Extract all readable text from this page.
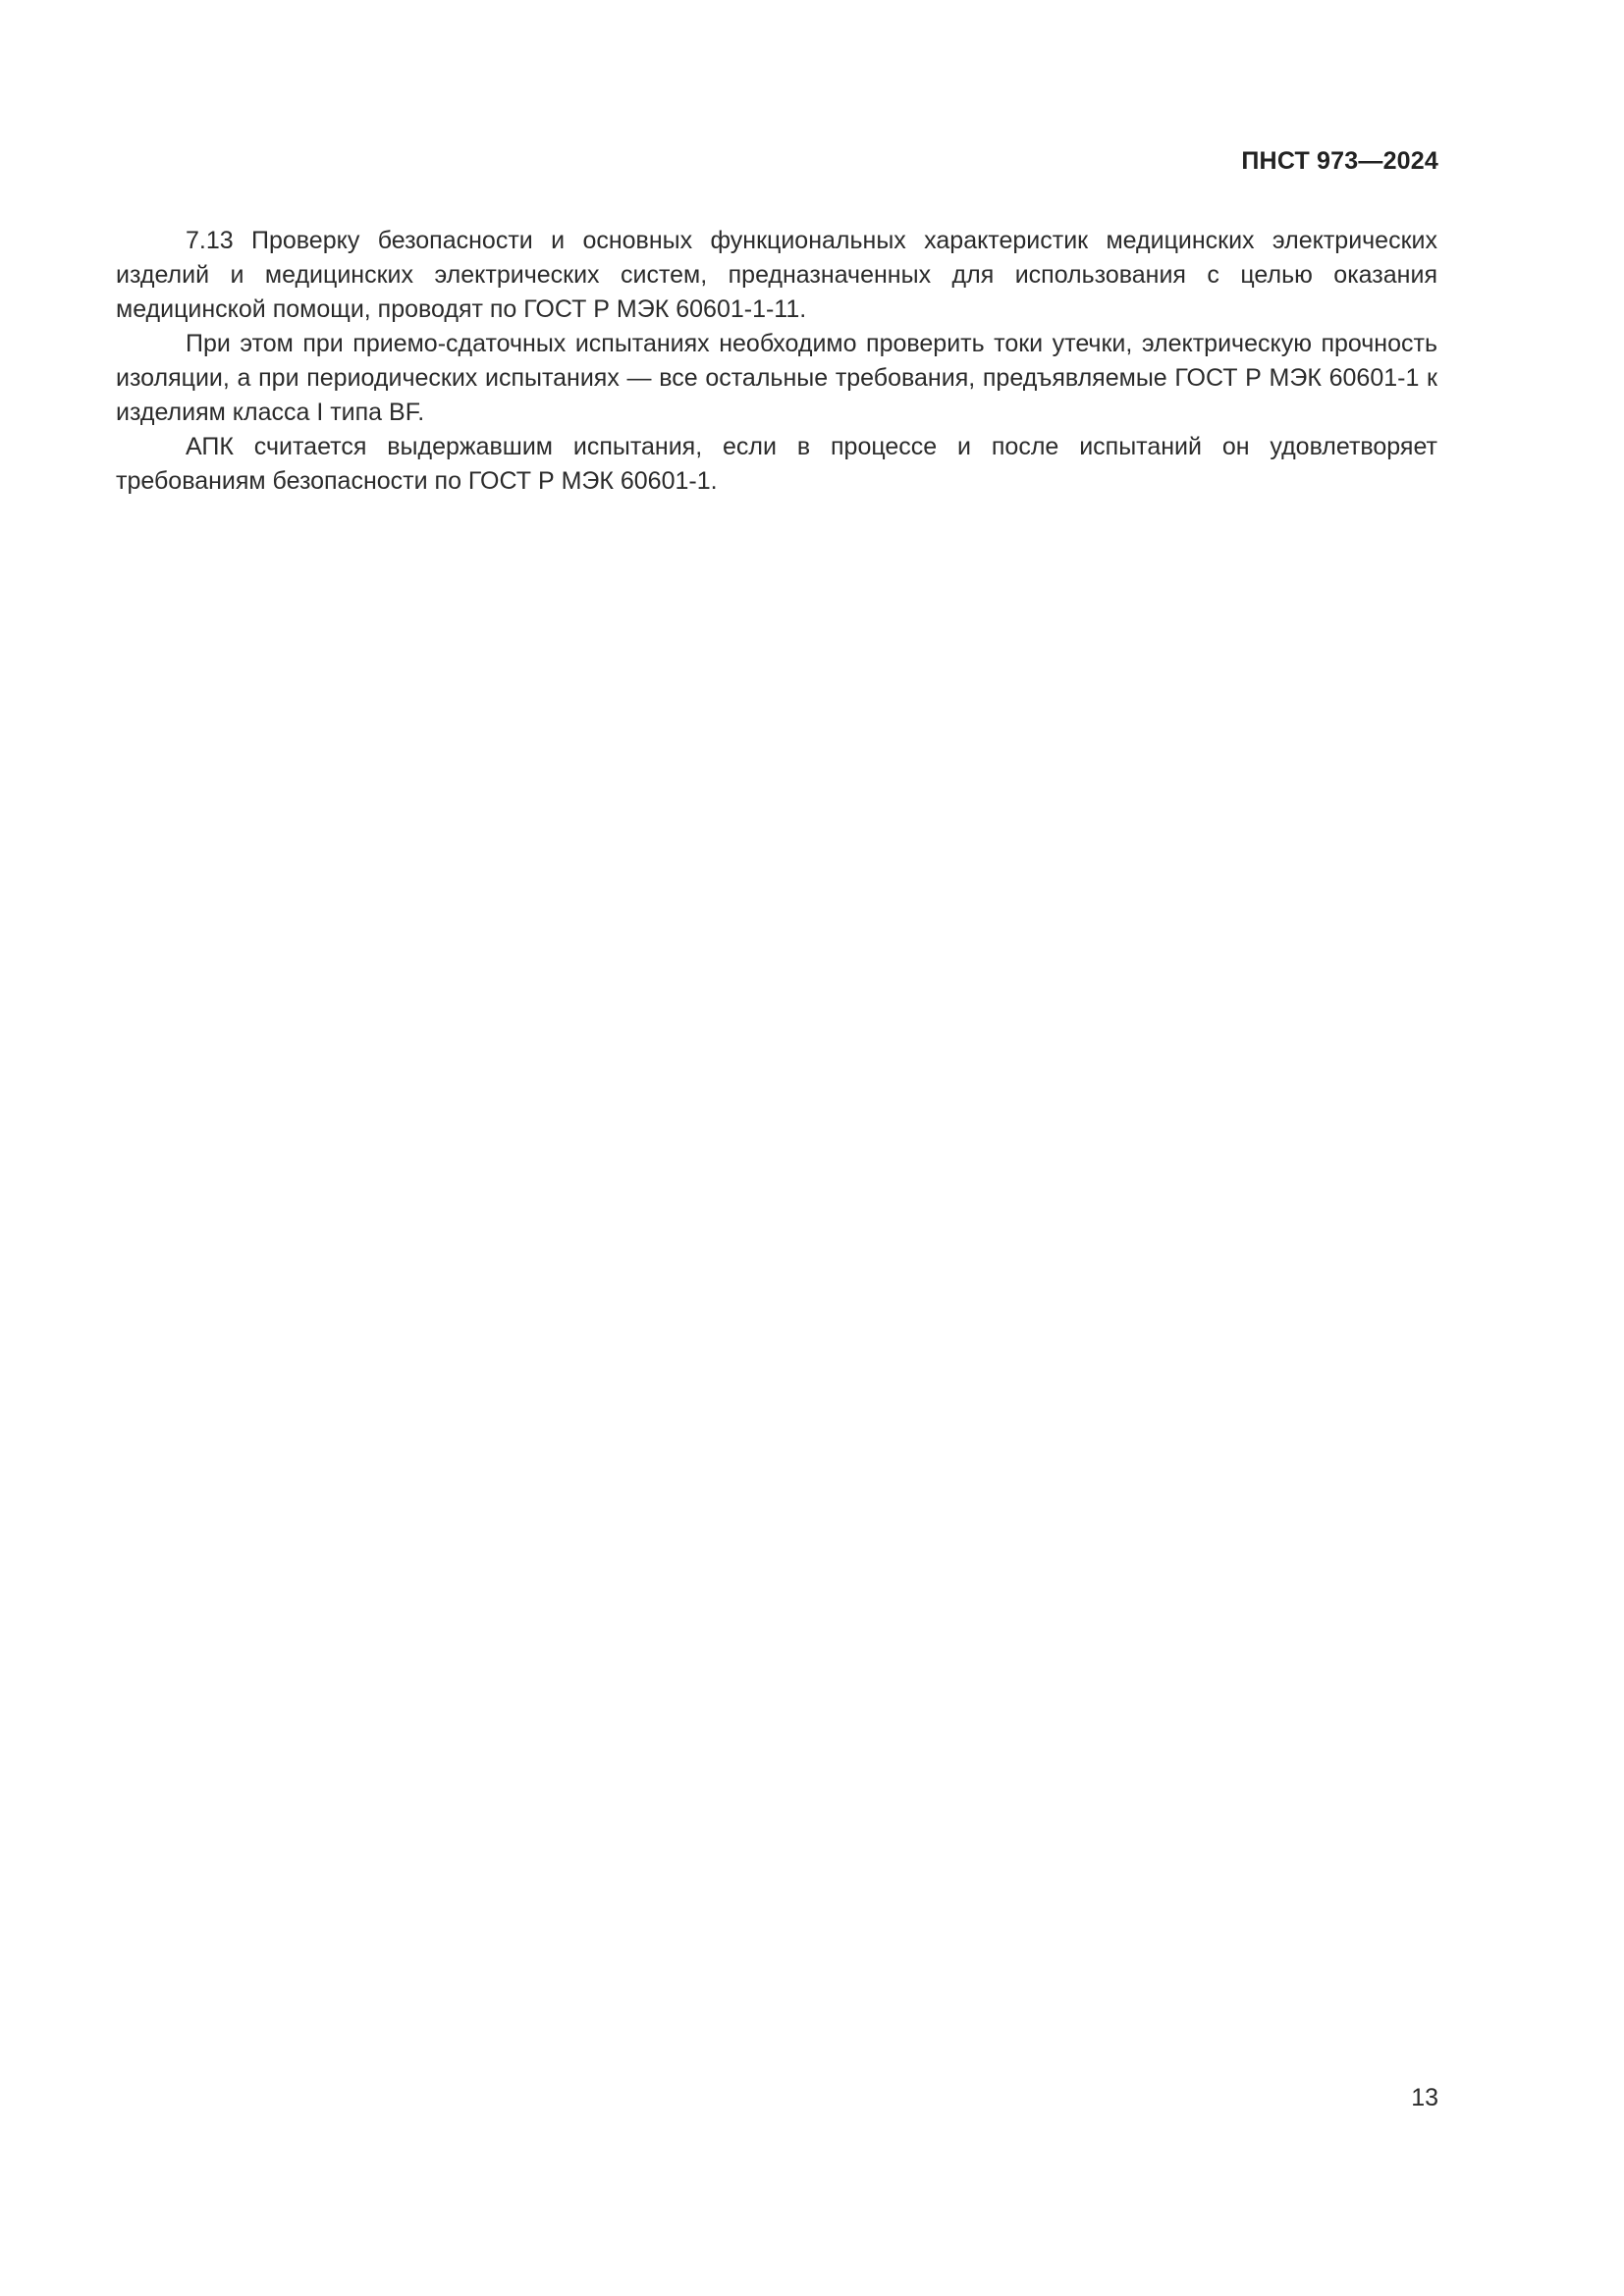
ПНСТ 973—2024

7.13 Проверку безопасности и основных функциональных характеристик медицинских электрических изделий и медицинских электрических систем, предназначенных для использования с целью оказания медицинской помощи, проводят по ГОСТ Р МЭК 60601-1-11.

При этом при приемо-сдаточных испытаниях необходимо проверить токи утечки, электрическую прочность изоляции, а при периодических испытаниях — все остальные требования, предъявляемые ГОСТ Р МЭК 60601-1 к изделиям класса I типа BF.

АПК считается выдержавшим испытания, если в процессе и после испытаний он удовлетворяет требованиям безопасности по ГОСТ Р МЭК 60601-1.

13
